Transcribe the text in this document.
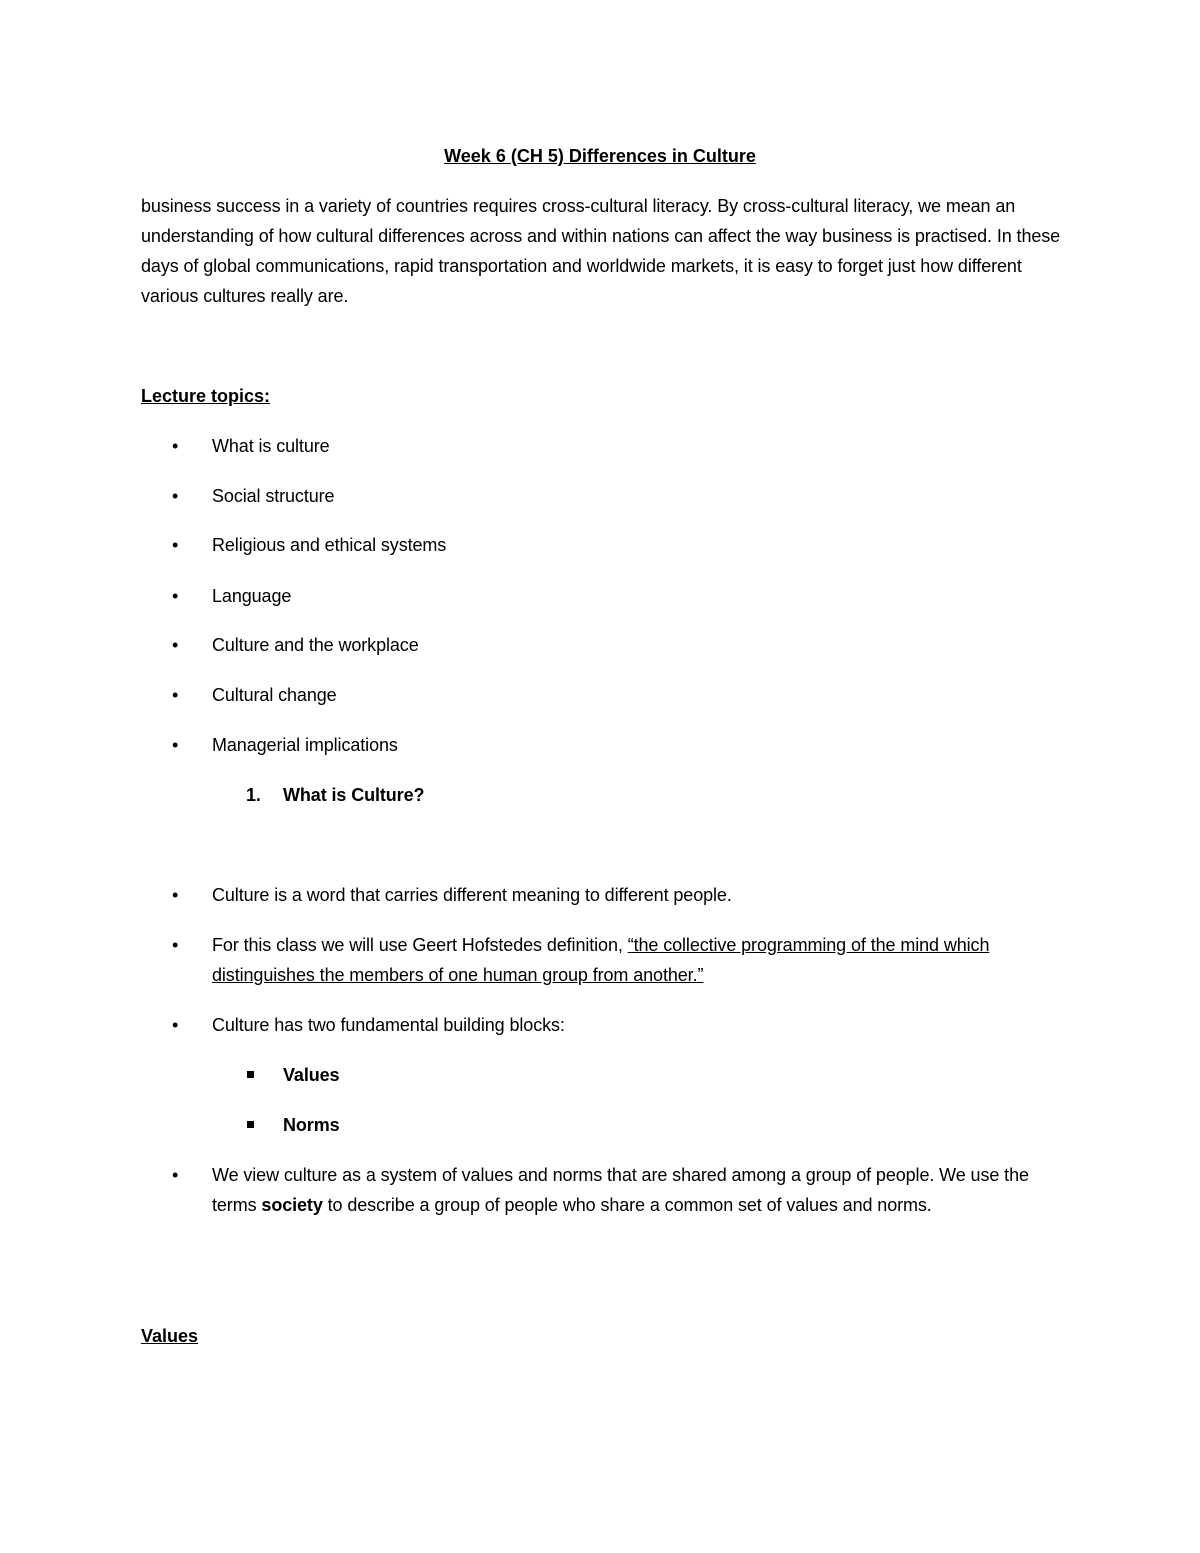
Week 6 (CH 5) Differences in Culture

business success in a variety of countries requires cross-cultural literacy. By cross-cultural literacy, we mean an understanding of how cultural differences across and within nations can affect the way business is practised. In these days of global communications, rapid transportation and worldwide markets, it is easy to forget just how different various cultures really are.

Lecture topics:
• What is culture
• Social structure
• Religious and ethical systems
• Language
• Culture and the workplace
• Cultural change
• Managerial implications
1. What is Culture?
• Culture is a word that carries different meaning to different people.
• For this class we will use Geert Hofstedes definition, “the collective programming of the mind which distinguishes the members of one human group from another.”
• Culture has two fundamental building blocks:
Values
Norms
• We view culture as a system of values and norms that are shared among a group of people. We use the terms society to describe a group of people who share a common set of values and norms.
Values
